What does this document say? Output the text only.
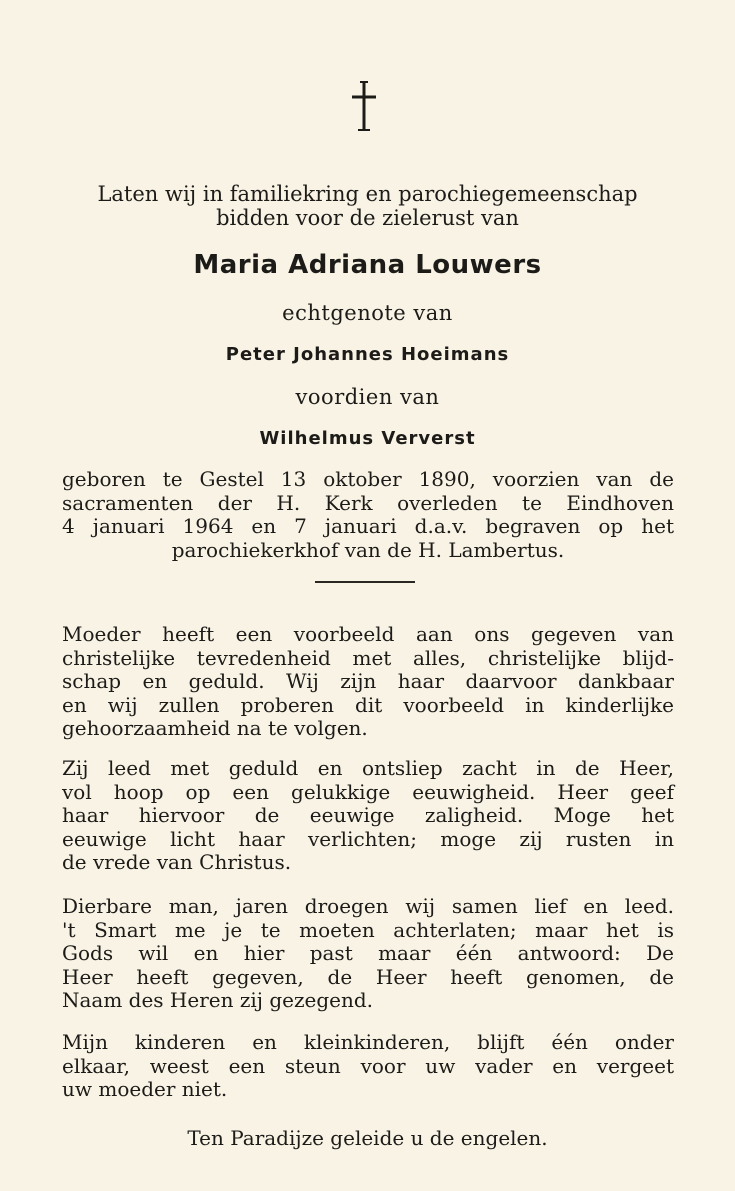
Laten wij in familiekring en parochiegemeenschap
bidden voor de zielerust van
Maria Adriana Louwers
echtgenote van
Peter Johannes Hoeimans
voordien van
Wilhelmus Ververst
geboren te Gestel 13 oktober 1890, voorzien van de
sacramenten der H. Kerk overleden te Eindhoven
4 januari 1964 en 7 januari d.a.v. begraven op het
parochiekerkhof van de H. Lambertus.
Moeder heeft een voorbeeld aan ons gegeven van
christelijke tevredenheid met alles, christelijke blijd-
schap en geduld. Wij zijn haar daarvoor dankbaar
en wij zullen proberen dit voorbeeld in kinderlijke
gehoorzaamheid na te volgen.
Zij leed met geduld en ontsliep zacht in de Heer,
vol hoop op een gelukkige eeuwigheid. Heer geef
haar hiervoor de eeuwige zaligheid. Moge het
eeuwige licht haar verlichten; moge zij rusten in
de vrede van Christus.
Dierbare man, jaren droegen wij samen lief en leed.
't Smart me je te moeten achterlaten; maar het is
Gods wil en hier past maar één antwoord: De
Heer heeft gegeven, de Heer heeft genomen, de
Naam des Heren zij gezegend.
Mijn kinderen en kleinkinderen, blijft één onder
elkaar, weest een steun voor uw vader en vergeet
uw moeder niet.
Ten Paradijze geleide u de engelen.
